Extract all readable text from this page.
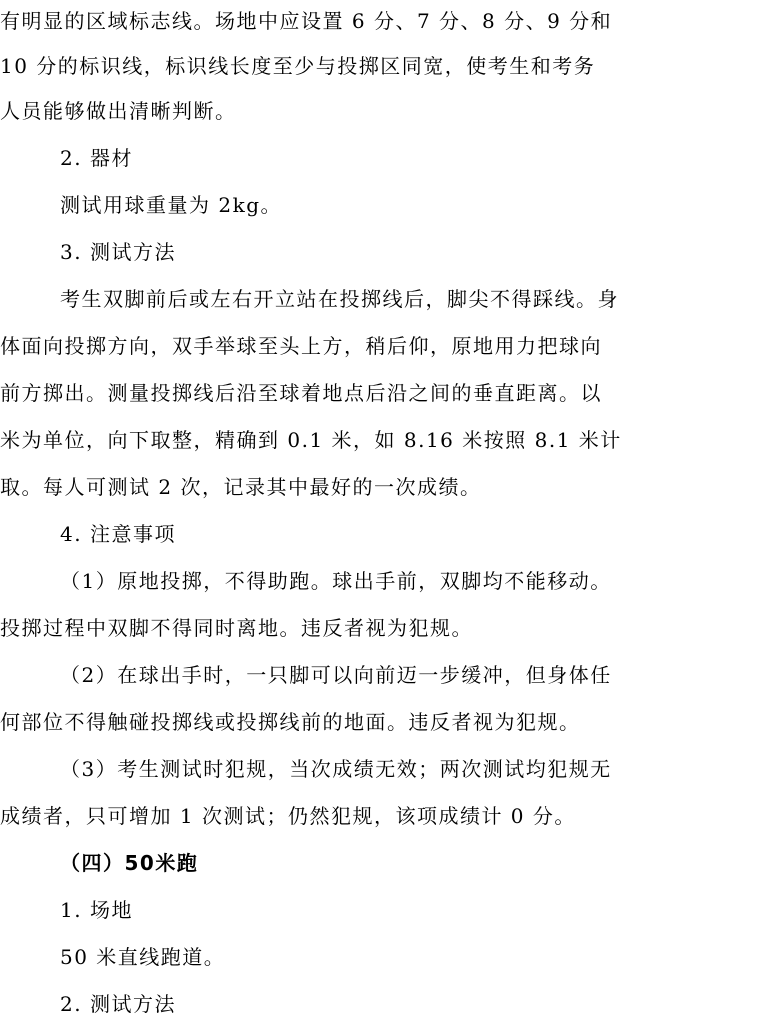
有明显的区域标志线。场地中应设置 6 分、7 分、8 分、9 分和
10 分的标识线，标识线长度至少与投掷区同宽，使考生和考务
人员能够做出清晰判断。
2. 器材
测试用球重量为 2kg。
3. 测试方法
考生双脚前后或左右开立站在投掷线后，脚尖不得踩线。身
体面向投掷方向，双手举球至头上方，稍后仰，原地用力把球向
前方掷出。测量投掷线后沿至球着地点后沿之间的垂直距离。以
米为单位，向下取整，精确到 0.1 米，如 8.16 米按照 8.1 米计
取。每人可测试 2 次，记录其中最好的一次成绩。
4. 注意事项
（1）原地投掷，不得助跑。球出手前，双脚均不能移动。
投掷过程中双脚不得同时离地。违反者视为犯规。
（2）在球出手时，一只脚可以向前迈一步缓冲，但身体任
何部位不得触碰投掷线或投掷线前的地面。违反者视为犯规。
（3）考生测试时犯规，当次成绩无效；两次测试均犯规无
成绩者，只可增加 1 次测试；仍然犯规，该项成绩计 0 分。
（四）50米跑
1. 场地
50 米直线跑道。
2. 测试方法
